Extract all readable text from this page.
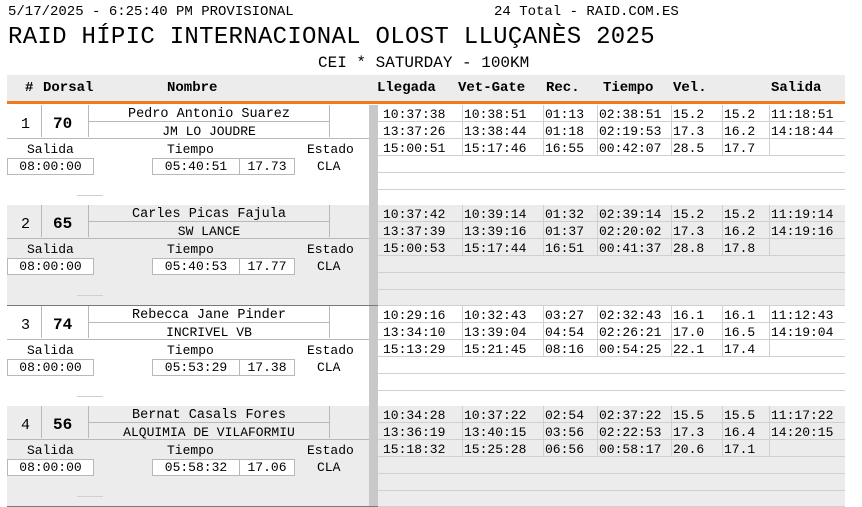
5/17/2025 - 6:25:40 PM PROVISIONAL	24 Total - RAID.COM.ES
RAID HÍPIC INTERNACIONAL OLOST LLUÇANÈS 2025
CEI * SATURDAY - 100KM
# Dorsal	Nombre	Llegada Vet-Gate Rec. Tiempo Vel.	Salida
1 70
Pedro Antonio Suarez
JM LO JOUDRE
Salida	Tiempo	Estado
08:00:00	05:40:51	17.73	CLA
10:37:38 10:38:51 01:13 02:38:51 15.2 15.2 11:18:51
13:37:26 13:38:44 01:18 02:19:53 17.3 16.2 14:18:44
15:00:51 15:17:46 16:55 00:42:07 28.5 17.7
2 65
Carles Picas Fajula
SW LANCE
Salida	Tiempo	Estado
08:00:00	05:40:53	17.77	CLA
10:37:42 10:39:14 01:32 02:39:14 15.2 15.2 11:19:14
13:37:39 13:39:16 01:37 02:20:02 17.3 16.2 14:19:16
15:00:53 15:17:44 16:51 00:41:37 28.8 17.8
3 74
Rebecca Jane Pinder
INCRIVEL VB
Salida	Tiempo	Estado
08:00:00	05:53:29	17.38	CLA
10:29:16 10:32:43 03:27 02:32:43 16.1 16.1 11:12:43
13:34:10 13:39:04 04:54 02:26:21 17.0 16.5 14:19:04
15:13:29 15:21:45 08:16 00:54:25 22.1 17.4
4 56
Bernat Casals Fores
ALQUIMIA DE VILAFORMIU
Salida	Tiempo	Estado
08:00:00	05:58:32	17.06	CLA
10:34:28 10:37:22 02:54 02:37:22 15.5 15.5 11:17:22
13:36:19 13:40:15 03:56 02:22:53 17.3 16.4 14:20:15
15:18:32 15:25:28 06:56 00:58:17 20.6 17.1
